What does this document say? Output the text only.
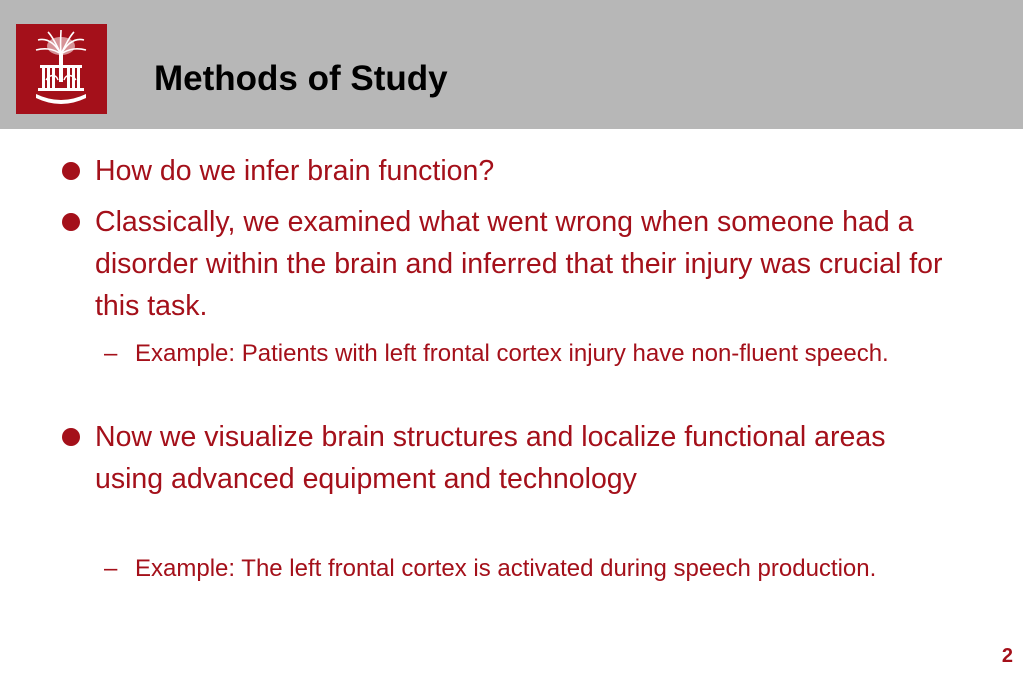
Methods of Study
How do we infer brain function?
Classically, we examined what went wrong when someone had a disorder within the brain and inferred that their injury was crucial for this task.
– Example: Patients with left frontal cortex injury have non-fluent speech.
Now we visualize brain structures and localize functional areas using advanced equipment and technology
– Example: The left frontal cortex is activated during speech production.
2
